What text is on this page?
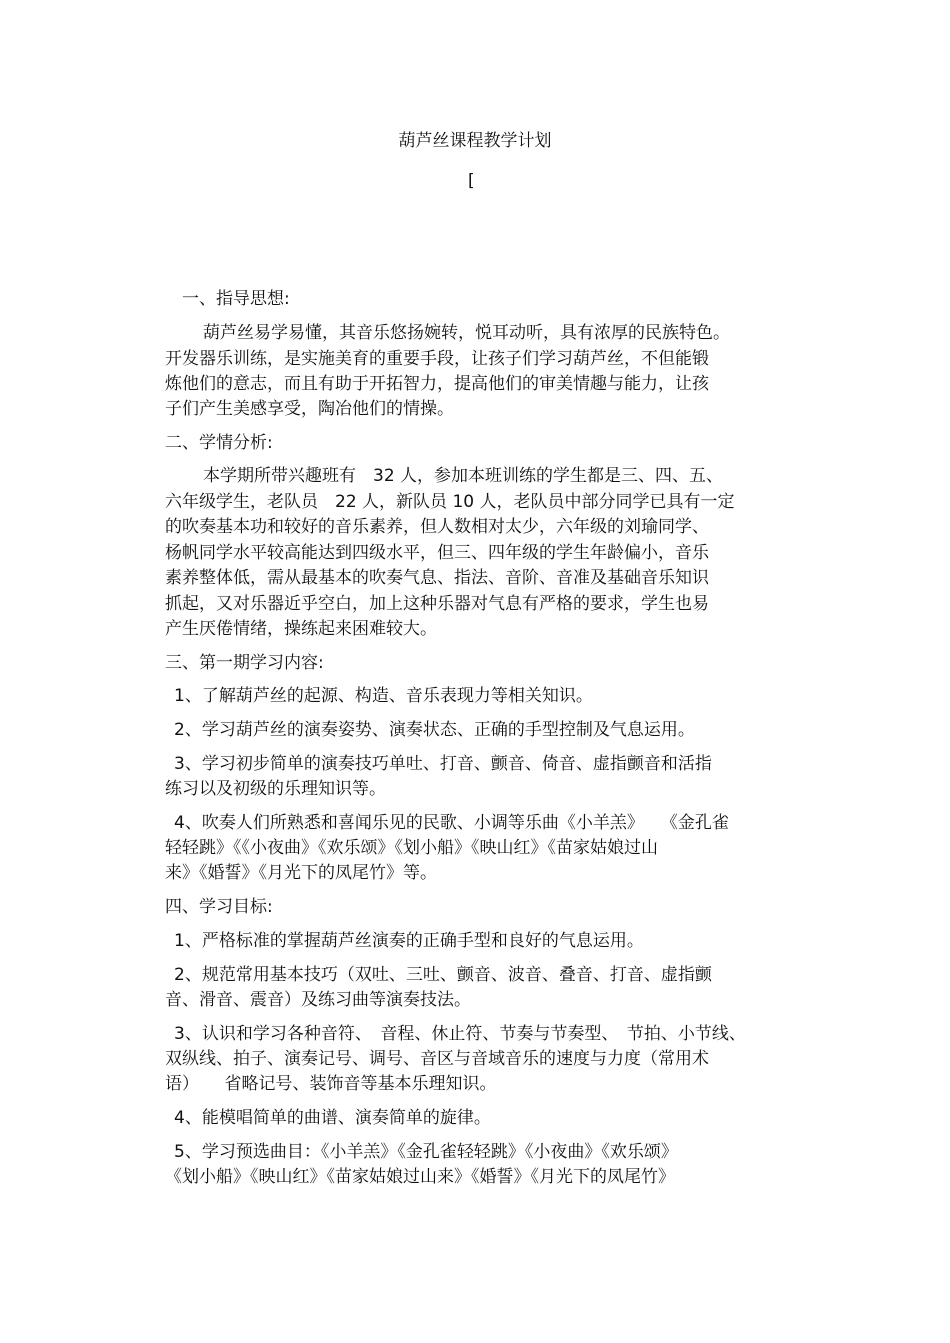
葫芦丝课程教学计划
[
一、指导思想:
葫芦丝易学易懂，其音乐悠扬婉转，悦耳动听，具有浓厚的民族特色。
开发器乐训练，是实施美育的重要手段，让孩子们学习葫芦丝，不但能锻
炼他们的意志，而且有助于开拓智力，提高他们的审美情趣与能力，让孩
子们产生美感享受，陶冶他们的情操。
二、学情分析:
本学期所带兴趣班有　32 人，参加本班训练的学生都是三、四、五、
六年级学生，老队员　22 人，新队员 10 人，老队员中部分同学已具有一定
的吹奏基本功和较好的音乐素养，但人数相对太少，六年级的刘瑜同学、
杨帆同学水平较高能达到四级水平，但三、四年级的学生年龄偏小，音乐
素养整体低，需从最基本的吹奏气息、指法、音阶、音准及基础音乐知识
抓起，又对乐器近乎空白，加上这种乐器对气息有严格的要求，学生也易
产生厌倦情绪，操练起来困难较大。
三、第一期学习内容:
1、了解葫芦丝的起源、构造、音乐表现力等相关知识。
2、学习葫芦丝的演奏姿势、演奏状态、正确的手型控制及气息运用。
3、学习初步简单的演奏技巧单吐、打音、颤音、倚音、虚指颤音和活指
练习以及初级的乐理知识等。
4、吹奏人们所熟悉和喜闻乐见的民歌、小调等乐曲《小羊羔》　　《金孔雀
轻轻跳》《《小夜曲》《欢乐颂》《划小船》《映山红》《苗家姑娘过山
来》《婚誓》《月光下的凤尾竹》等。
四、学习目标:
1、严格标准的掌握葫芦丝演奏的正确手型和良好的气息运用。
2、规范常用基本技巧（双吐、三吐、颤音、波音、叠音、打音、虚指颤
音、滑音、震音）及练习曲等演奏技法。
3、认识和学习各种音符、　音程、休止符、节奏与节奏型、　节拍、小节线、
双纵线、拍子、演奏记号、调号、音区与音域音乐的速度与力度（常用术
语）　　省略记号、装饰音等基本乐理知识。
4、能模唱简单的曲谱、演奏简单的旋律。
5、学习预选曲目：《小羊羔》《金孔雀轻轻跳》《小夜曲》《欢乐颂》
《划小船》《映山红》《苗家姑娘过山来》《婚誓》《月光下的凤尾竹》
